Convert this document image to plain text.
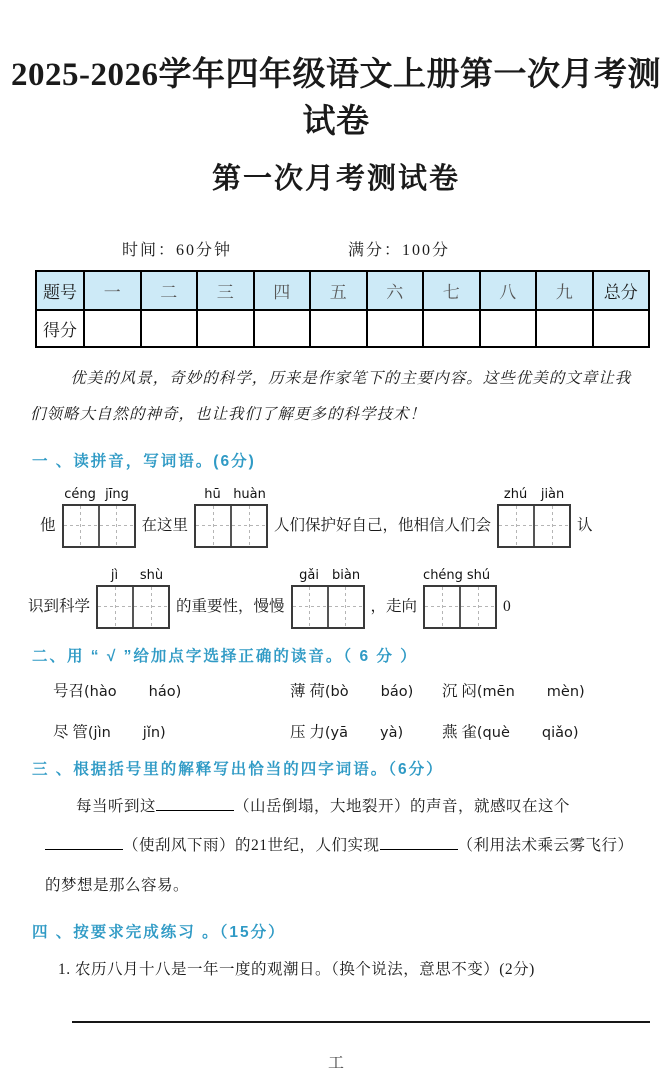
2025-2026学年四年级语文上册第一次月考测试卷
第一次月考测试卷
时间：60分钟	满分：100分
题号	一	二	三	四	五	六	七	八	九	总分
得分										

优美的风景，奇妙的科学，历来是作家笔下的主要内容。这些优美的文章让我们领略大自然的神奇，也让我们了解更多的科学技术！

一 、读拼音，写词语。(6分)
他
céng jīng
在这里
hū huàn
人们保护好自己，他相信人们会
zhú	jiàn
认
识到科学
jì	shù
的重要性，慢慢
gǎi	biàn
，走向
chéng shú
0
二、用 “ √ ”给加点字选择正确的读音。（ 6 分 ）
号召(hào háo)	薄 荷(bò báo)	沉 闷(mēn mèn)
尽 管(jìn jǐn)	压 力(yā yà)	燕 雀(què qiǎo)
三 、根据括号里的解释写出恰当的四字词语。（6分）

每当听到这	（山岳倒塌，大地裂开）的声音，就感叹在这个（使刮风下雨）的21世纪，人们实现	（利用法术乘云雾飞行）的梦想是那么容易。

四 、按要求完成练习 。（15分）

1. 农历八月十八是一年一度的观潮日。（换个说法，意思不变）(2分)

工
